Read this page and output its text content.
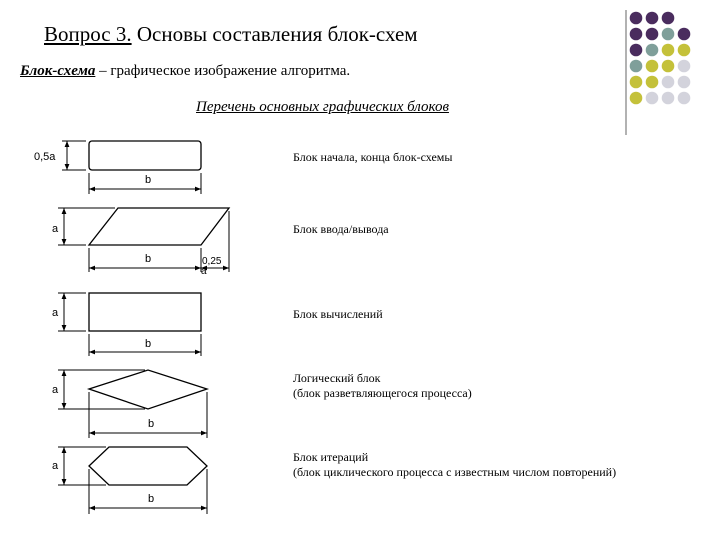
Вопрос 3. Основы составления блок-схем
Блок-схема – графическое изображение алгоритма.
Перечень основных графических блоков
0,5a
b
a
b	0,25
a
a
b
a
b
a
b
Блок начала, конца блок-схемы
Блок ввода/вывода
Блок вычислений
Логический блок
(блок разветвляющегося процесса)
Блок итераций
(блок циклического процесса с известным числом повторений)
